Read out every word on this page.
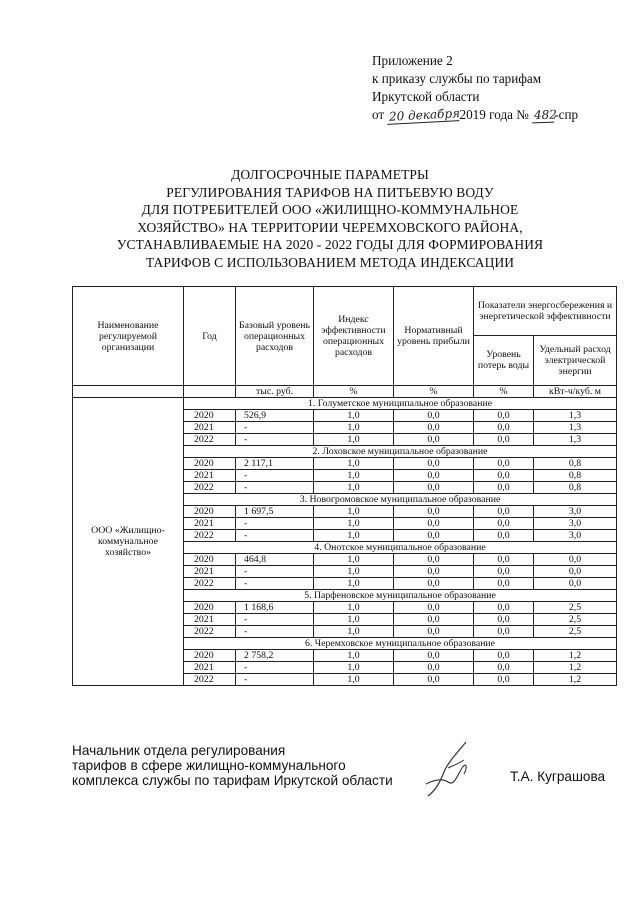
Приложение 2
к приказу службы по тарифам
Иркутской области
от 20 декабря2019 года № 482-спр
ДОЛГОСРОЧНЫЕ ПАРАМЕТРЫ
РЕГУЛИРОВАНИЯ ТАРИФОВ НА ПИТЬЕВУЮ ВОДУ
ДЛЯ ПОТРЕБИТЕЛЕЙ ООО «ЖИЛИЩНО-КОММУНАЛЬНОЕ
ХОЗЯЙСТВО» НА ТЕРРИТОРИИ ЧЕРЕМХОВСКОГО РАЙОНА,
УСТАНАВЛИВАЕМЫЕ НА 2020 - 2022 ГОДЫ ДЛЯ ФОРМИРОВАНИЯ
ТАРИФОВ С ИСПОЛЬЗОВАНИЕМ МЕТОДА ИНДЕКСАЦИИ
Наименование регулируемой организации	Год	Базовый уровень операционных расходов	Индекс эффективности операционных расходов	Нормативный уровень прибыли	Показатели энергосбережения и энергетической эффективности	
					Уровень потерь воды	Удельный расход электрической энергии

		тыс. руб.	%	%	%	кВт-ч/куб. м
ООО «Жилищно-коммунальное хозяйство»	1. Голуметское муниципальное образование					
	2020	526,9	1,0	0,0	0,0	1,3
	2021	-	1,0	0,0	0,0	1,3
	2022	-	1,0	0,0	0,0	1,3
	2. Лоховское муниципальное образование					
	2020	2 117,1	1,0	0,0	0,0	0,8
	2021	-	1,0	0,0	0,0	0,8
	2022	-	1,0	0,0	0,0	0,8
	3. Новогромовское муниципальное образование					
	2020	1 697,5	1,0	0,0	0,0	3,0
	2021	-	1,0	0,0	0,0	3,0
	2022	-	1,0	0,0	0,0	3,0
	4. Онотское муниципальное образование					
	2020	464,8	1,0	0,0	0,0	0,0
	2021	-	1,0	0,0	0,0	0,0
	2022	-	1,0	0,0	0,0	0,0
	5. Парфеновское муниципальное образование					
	2020	1 168,6	1,0	0,0	0,0	2,5
	2021	-	1,0	0,0	0,0	2,5
	2022	-	1,0	0,0	0,0	2,5
	6. Черемховское муниципальное образование					
	2020	2 758,2	1,0	0,0	0,0	1,2
	2021	-	1,0	0,0	0,0	1,2
	2022	-	1,0	0,0	0,0	1,2
Начальник отдела регулирования
тарифов в сфере жилищно-коммунального
комплекса службы по тарифам Иркутской области	Т.А. Куграшова
